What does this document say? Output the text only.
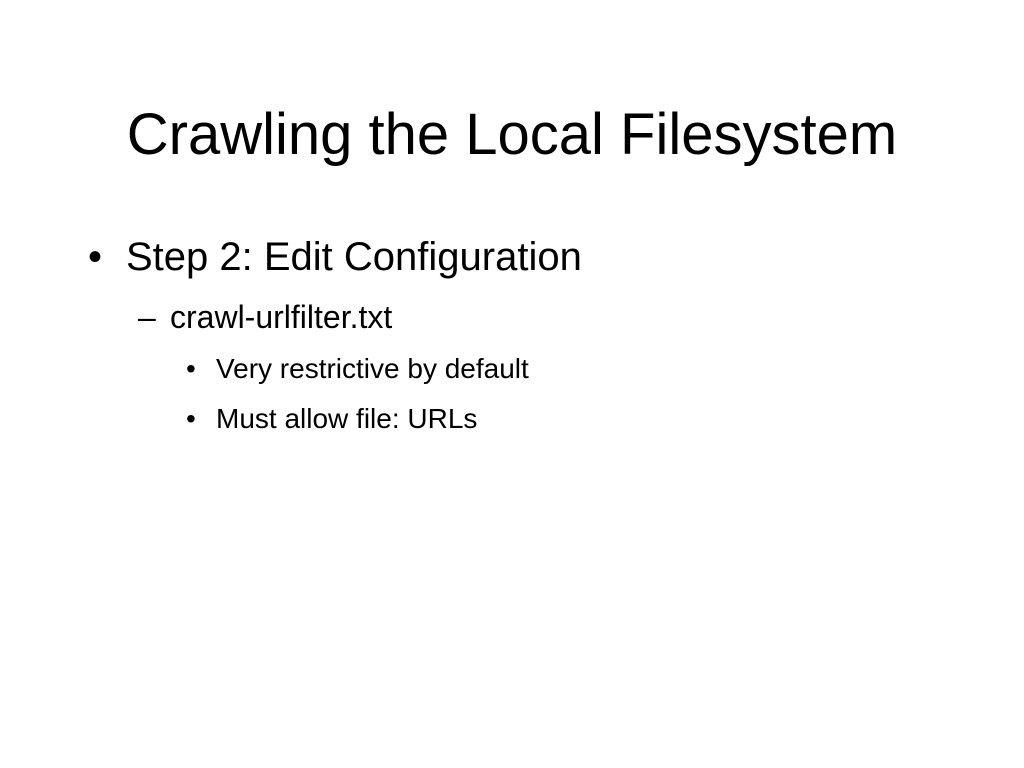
Crawling the Local Filesystem
• Step 2: Edit Configuration
– crawl-urlfilter.txt
• Very restrictive by default
• Must allow file: URLs
